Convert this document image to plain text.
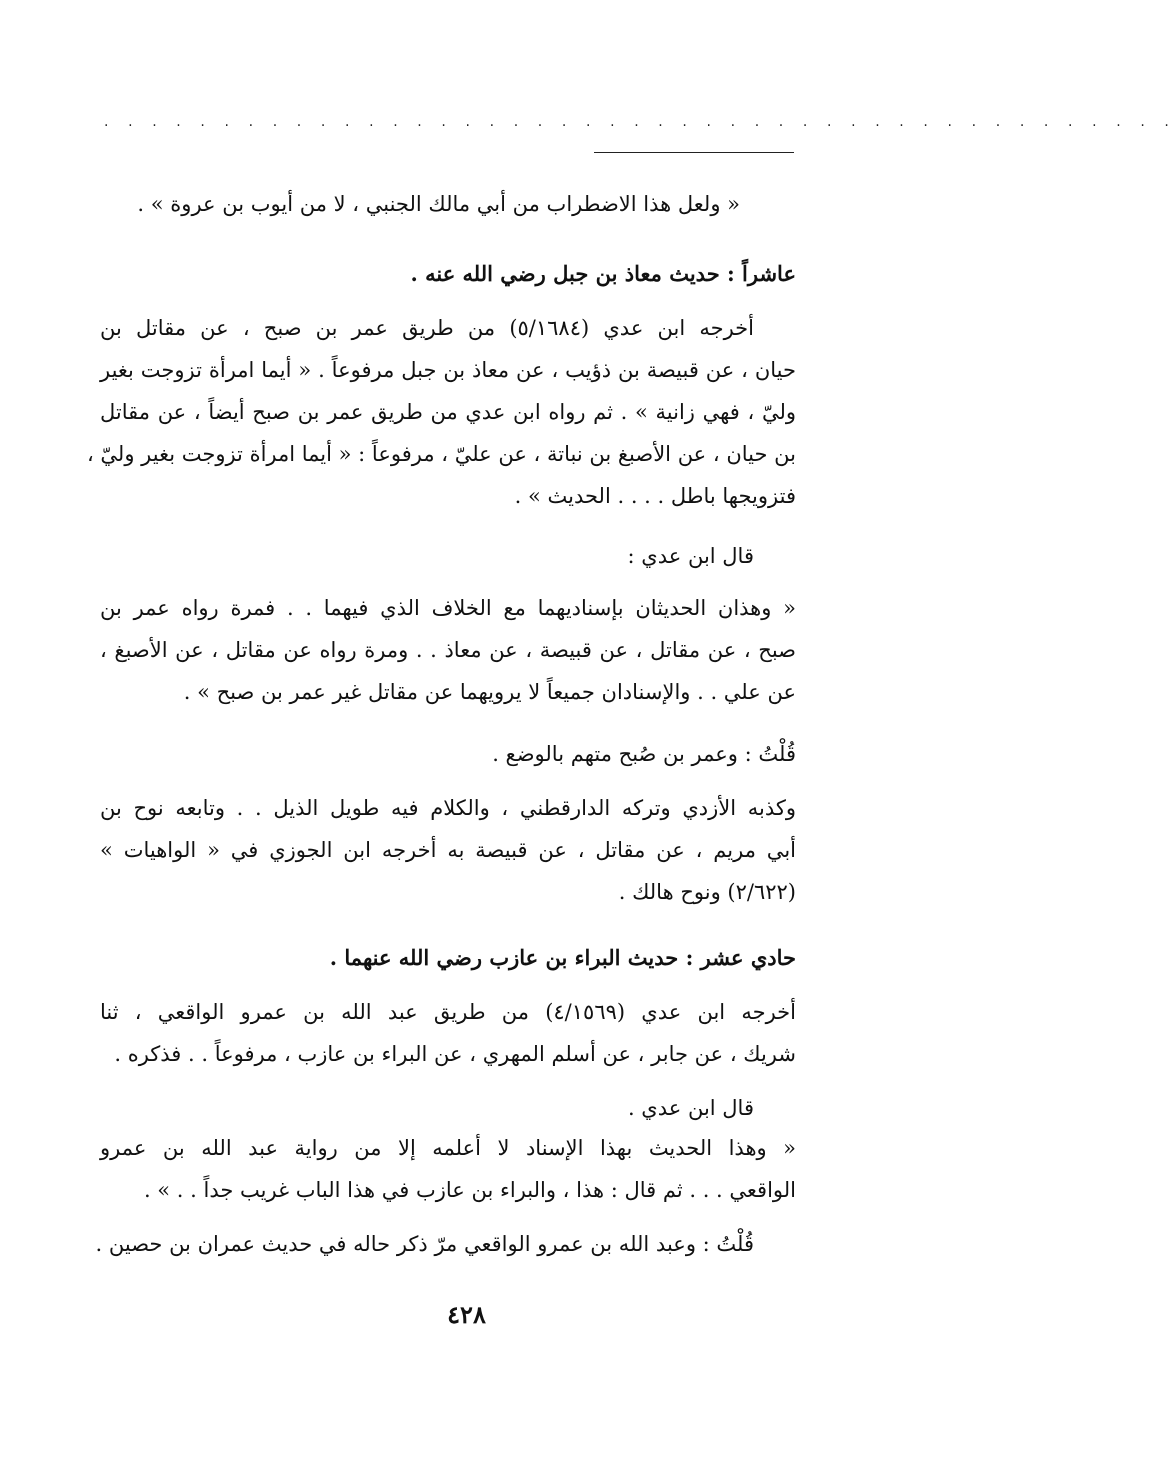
· · · · · · · · · · · · · · · · · · · · · · · · · · · · · · · · · · · · · · · · · · · · ·
« ولعل هذا الاضطراب من أبي مالك الجنبي ، لا من أيوب بن عروة » .
عاشراً : حديث معاذ بن جبل رضي الله عنه .
أخرجه ابن عدي (٥/١٦٨٤) من طريق عمر بن صبح ، عن مقاتل بن
حيان ، عن قبيصة بن ذؤيب ، عن معاذ بن جبل مرفوعاً . « أيما امرأة تزوجت بغير
وليّ ، فهي زانية » . ثم رواه ابن عدي من طريق عمر بن صبح أيضاً ، عن مقاتل
بن حيان ، عن الأصبغ بن نباتة ، عن عليّ ، مرفوعاً : « أيما امرأة تزوجت بغير وليّ ،
فتزويجها باطل . . . . الحديث » .
قال ابن عدي :
« وهذان الحديثان بإسناديهما مع الخلاف الذي فيهما . . فمرة رواه عمر بن
صبح ، عن مقاتل ، عن قبيصة ، عن معاذ . . ومرة رواه عن مقاتل ، عن الأصبغ ،
عن علي . . والإسنادان جميعاً لا يرويهما عن مقاتل غير عمر بن صبح » .
قُلْتُ : وعمر بن صُبح متهم بالوضع .
وكذبه الأزدي وتركه الدارقطني ، والكلام فيه طويل الذيل . . وتابعه نوح بن
أبي مريم ، عن مقاتل ، عن قبيصة به أخرجه ابن الجوزي في « الواهيات »
(٢/٦٢٢) ونوح هالك .
حادي عشر : حديث البراء بن عازب رضي الله عنهما .
أخرجه ابن عدي (٤/١٥٦٩) من طريق عبد الله بن عمرو الواقعي ، ثنا
شريك ، عن جابر ، عن أسلم المهري ، عن البراء بن عازب ، مرفوعاً . . فذكره .
قال ابن عدي .
« وهذا الحديث بهذا الإسناد لا أعلمه إلا من رواية عبد الله بن عمرو
الواقعي . . . ثم قال : هذا ، والبراء بن عازب في هذا الباب غريب جداً . . » .
قُلْتُ : وعبد الله بن عمرو الواقعي مرّ ذكر حاله في حديث عمران بن حصين .
٤٢٨
